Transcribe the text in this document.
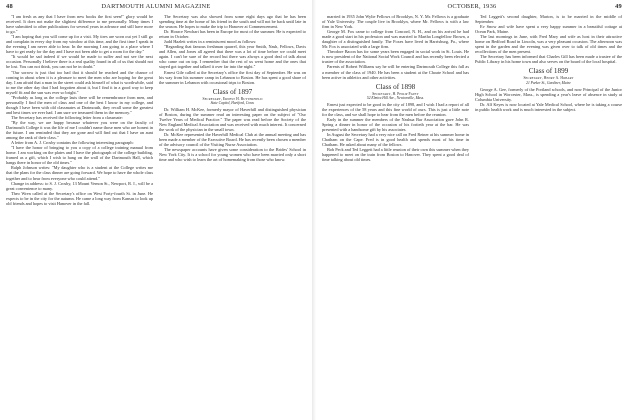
48	DARTMOUTH ALUMNI MAGAZINE

"I am fresh as any that I have from new books the first seen!" glory would be received. It does not make the slightest difference to me personally. Many times I have submitted to other publications for several years in advance and still have more to go."

"I am hoping that you will come up for a visit. My tires are worn out yet I still go and complain in every day from my window at this time, and the first time I speak in the evening I am never able to hear. In the morning I am going to a place where I have to get ready for the day and I have not been able to get a room for the day."

"It would be sad indeed if we would be made to suffer and not see the next occasion. Personally I believe there is a real quality found in all of us that should not be lost. You can not think, you can not be in doubt."

"Our sorrow is just that too bad that it should be reached and the chance of coming in about when it is a pleasure to meet the men who are hoping for the great day. I am afraid that a man in the street could ask himself of what is worthwhile, said to me the other day that I had forgotten about it, but I find it in a good way to keep myself fit and the sun was ever so bright."

"Probably as long as the college lasts there will be remembrance from men, and personally I find the men of class and one of the best I know in my college, and though I have been with old classmates at Dartmouth, they recall some the greatest and best times we ever had. I am sure we treasured them in the memory."

The Secretary has received the following letter from a classmate:

"By the way, we are happy because whatever you were on the faculty of Dartmouth College it was the life of me I couldn't name those men who are honest in the future. I am reminded that they are gone and will find out that I have an aunt among the rank of their class."

A letter from A. J. Crosby contains the following interesting paragraph:

"I have the honor of bringing to you a copy of a college training manual from home. I am working on the plates and I have the photograph of the college building, framed as a gift, which I wish to hang on the wall of the Dartmouth Hall, which hangs there in honor of the old times."

Ralph Johnson writes: "My daughter who is a student at the College writes me that the plans for the class dinner are going forward. We hope to have the whole class together and to hear from everyone who could attend."

Change in address: to S. J. Crosby, 13 Mount Vernon St., Newport, R. I., will be a great convenience to many.

Theo Wren called at the Secretary's office on West Forty-fourth St. in June. He expects to be in the city for the autumn. He came a long way from Kansas to look up old friends and hopes to visit Hanover in the fall.

The Secretary was also showed from some eight days ago that he has been spending time at the home of his friend in the south and will not be back until late in the season. He hopes to make the trip to Hanover at Commencement.

Dr. Horace Newhart has been in Europe for most of the summer. He is expected to return in October.

Judd Hazlett writes in a reminiscent mood as follows:

"Regarding that famous freshman quarrel, this year Smith, Nash, Fellows, Davis and Allen, and Jones all agreed that there was a lot of time before we could meet again. I can't be sure of the record but there was always a good deal of talk about who came out on top. I remember that the rest of us went home and the ones that stayed got together and talked it over far into the night."

Ernest Gile called at the Secretary's office the first day of September. He was on his way from his summer camp in Lebanon to Boston. He has spent a good share of the summer in Lebanon with occasional trips to Boston.

Class of 1897
Secretary, Ernest H. Butterfield
State Capitol, Hartford, Conn.

Dr. William H. McKee, formerly mayor of Haverhill and distinguished physician of Boston, during the summer read an interesting paper on the subject of "Our Twelve Years of Medical Practice." The paper was read before the Society of the New England Medical Association and was received with much interest. It concerned the work of the physician in the small town.

Dr. McKee represented the Haverhill Medical Club at the annual meeting and has been made a member of the Executive Board. He has recently been chosen a member of the advisory council of the Visiting Nurse Association.

The newspaper accounts have given some consideration to the Brides' School in New York City. It is a school for young women who have been married only a short time and who wish to learn the art of homemaking from those who know.

OCTOBER, 1936	49

married in 1935 John Wylie Fellows of Brooklyn, N. Y. Mr. Fellows is a graduate of Yale University. The couple live in Brooklyn, where Mr. Fellows is with a law firm in New York.

George M. Fox came to college from Concord, N. H., and on his arrival he had made a good start in his profession and was married to Martha Longfellow Brown, a daughter of a distinguished family. The Foxes have lived in Harrisburg, Pa., where Mr. Fox is associated with a large firm.

Theodore Bacon has for some years been engaged in social work in St. Louis. He is now president of the National Social Work Council and has recently been elected a trustee of the association.

Parents of Robert Williams say he will be entering Dartmouth College this fall as a member of the class of 1940. He has been a student at the Choate School and has been active in athletics and other activities.

Class of 1898
Secretary, H. Philip Patey
52 Elmira Hill Ave., Newtonville, Mass.

Ernest just expected to be good in the city of 1898, and I wish I had a report of all the experiences of the 58 years and this fine world of ours. This is just a little note for the class, and we shall hope to hear from the men before the reunion.

Early in the summer the members of the Nashua Bar Association gave John R. Spring a dinner in honor of the occasion of his fortieth year at the bar. He was presented with a handsome gift by his associates.

In August the Secretary had a very nice call on Fred Reiner at his summer home in Chatham on the Cape. Fred is in good health and spends most of his time in Chatham. He asked about many of the fellows.

Bob Peck and Ted Leggett had a little reunion of their own this summer when they happened to meet on the train from Boston to Hanover. They spent a good deal of time talking about old times.

Ted Leggett's second daughter, Marion, is to be married in the middle of September.

Ev Snow and wife have spent a very happy summer in a beautiful cottage at Ocean Park, Maine.

The last mornings in June, with Fred Mary and wife as host in their attractive home on Bedford Road in Lincoln, was a very pleasant occasion. The afternoon was spent in the garden and the evening was given over to talk of old times and the recollections of the men present.

The Secretary has been informed that Charles Gill has been made a trustee of the Public Library in his home town and also serves on the board of the local hospital.

Class of 1899
Secretary, Henry A. Hobart
21 Parker St., Gardiner, Maine

George A. Gee, formerly of the Portland schools, and now Principal of the Junior High School in Worcester, Mass., is spending a year's leave of absence in study at Columbia University.

Dr. Alf Keyes is now located at Yale Medical School, where he is taking a course in public health work and is much interested in the subject.
